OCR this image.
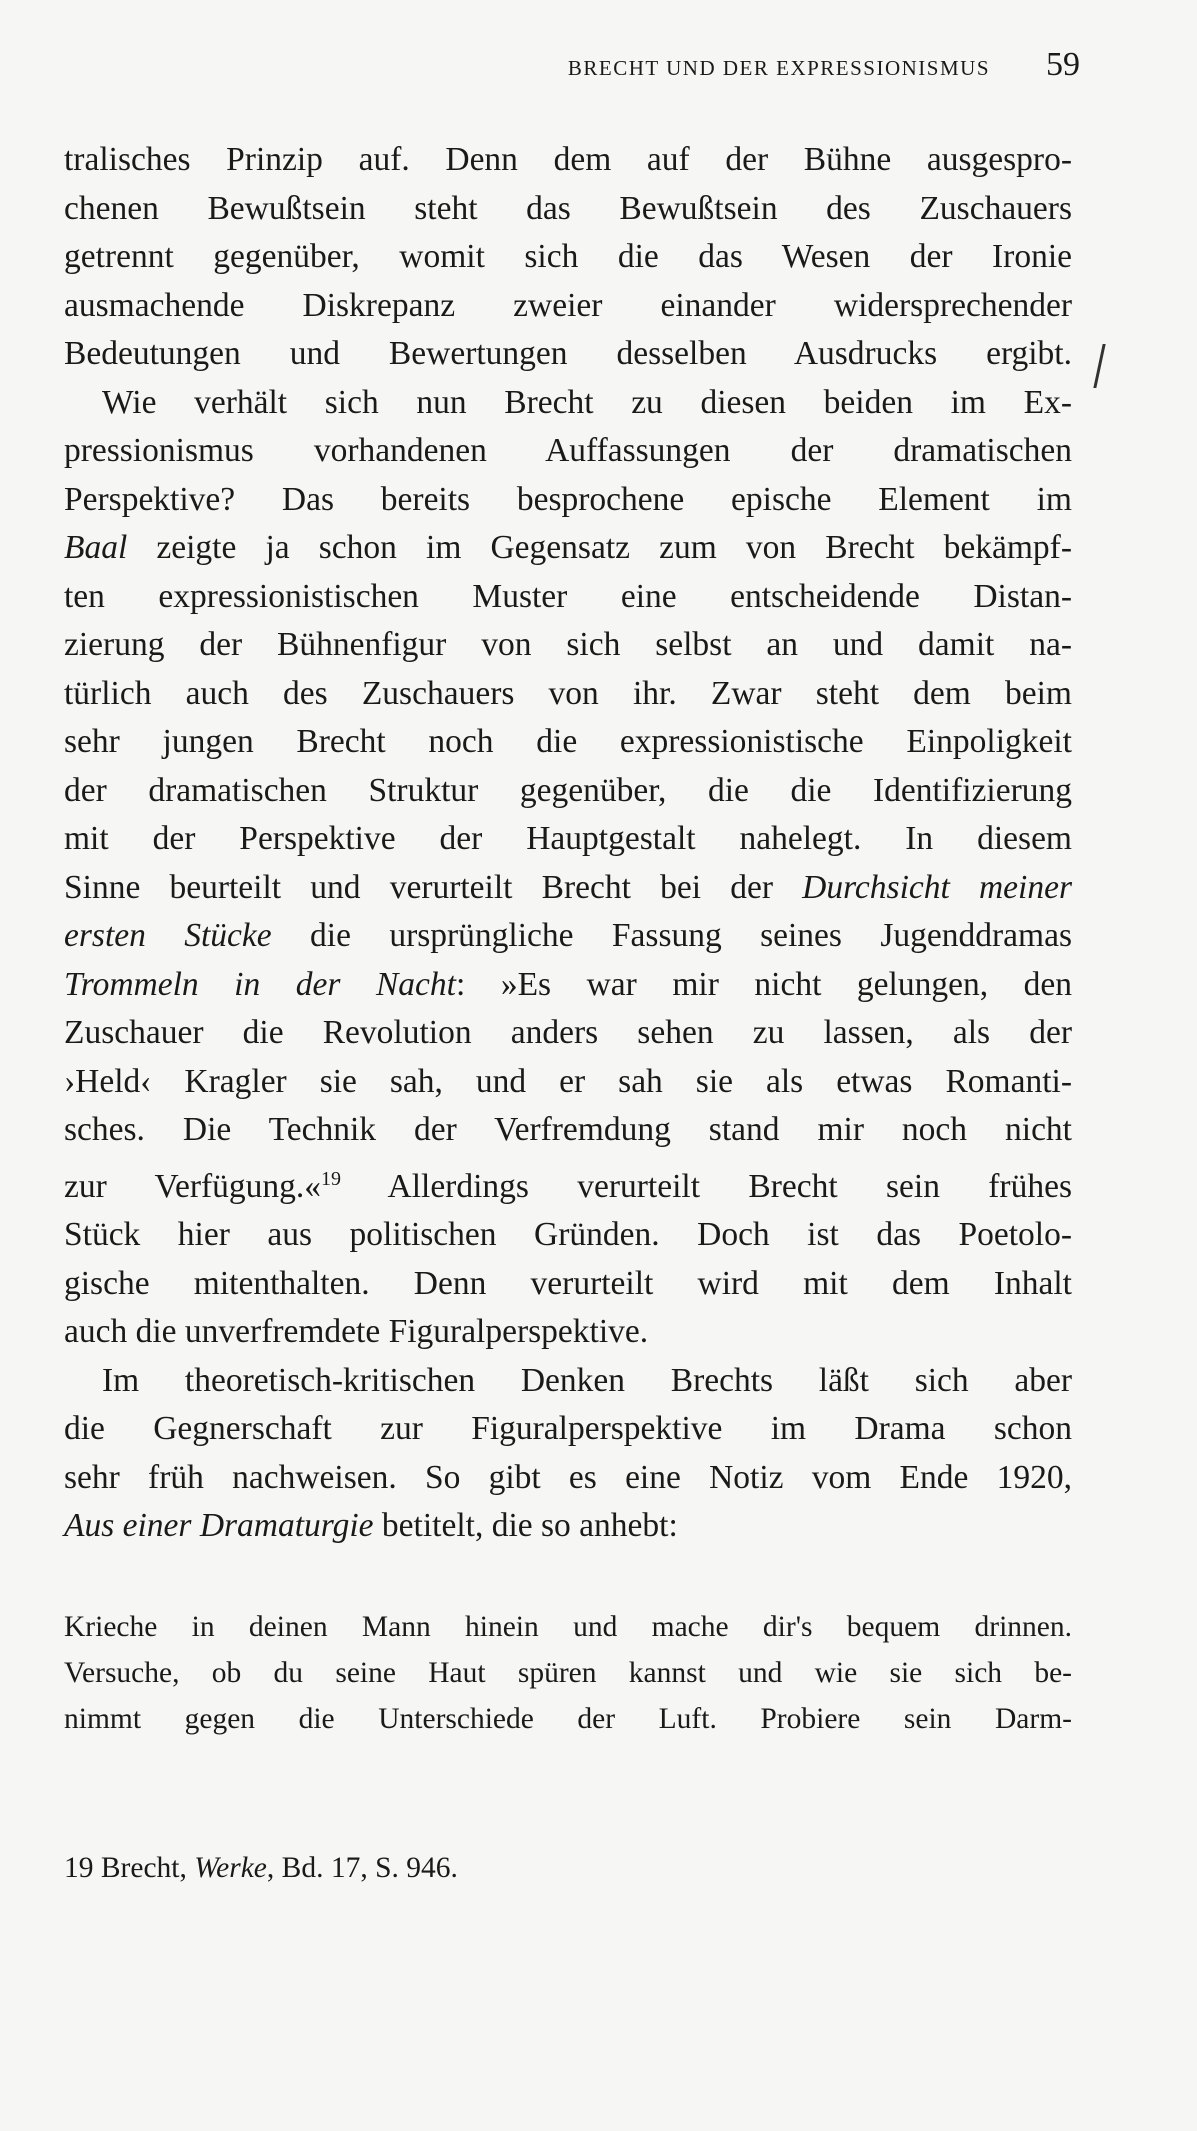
BRECHT UND DER EXPRESSIONISMUS 59
tralisches Prinzip auf. Denn dem auf der Bühne ausgespro-
chenen Bewußtsein steht das Bewußtsein des Zuschauers
getrennt gegenüber, womit sich die das Wesen der Ironie
ausmachende Diskrepanz zweier einander widersprechender
Bedeutungen und Bewertungen desselben Ausdrucks ergibt.
Wie verhält sich nun Brecht zu diesen beiden im Ex-
pressionismus vorhandenen Auffassungen der dramatischen
Perspektive? Das bereits besprochene epische Element im
Baal zeigte ja schon im Gegensatz zum von Brecht bekämpf-
ten expressionistischen Muster eine entscheidende Distan-
zierung der Bühnenfigur von sich selbst an und damit na-
türlich auch des Zuschauers von ihr. Zwar steht dem beim
sehr jungen Brecht noch die expressionistische Einpoligkeit
der dramatischen Struktur gegenüber, die die Identifizierung
mit der Perspektive der Hauptgestalt nahelegt. In diesem
Sinne beurteilt und verurteilt Brecht bei der Durchsicht meiner
ersten Stücke die ursprüngliche Fassung seines Jugenddramas
Trommeln in der Nacht: »Es war mir nicht gelungen, den
Zuschauer die Revolution anders sehen zu lassen, als der
›Held‹ Kragler sie sah, und er sah sie als etwas Romanti-
sches. Die Technik der Verfremdung stand mir noch nicht
zur Verfügung.«$^{19}$ Allerdings verurteilt Brecht sein frühes
Stück hier aus politischen Gründen. Doch ist das Poetolo-
gische mitenthalten. Denn verurteilt wird mit dem Inhalt
auch die unverfremdete Figuralperspektive.
Im theoretisch-kritischen Denken Brechts läßt sich aber
die Gegnerschaft zur Figuralperspektive im Drama schon
sehr früh nachweisen. So gibt es eine Notiz vom Ende 1920,
Aus einer Dramaturgie betitelt, die so anhebt:
Krieche in deinen Mann hinein und mache dir's bequem drinnen.
Versuche, ob du seine Haut spüren kannst und wie sie sich be-
nimmt gegen die Unterschiede der Luft. Probiere sein Darm-
19 Brecht, Werke, Bd. 17, S. 946.
